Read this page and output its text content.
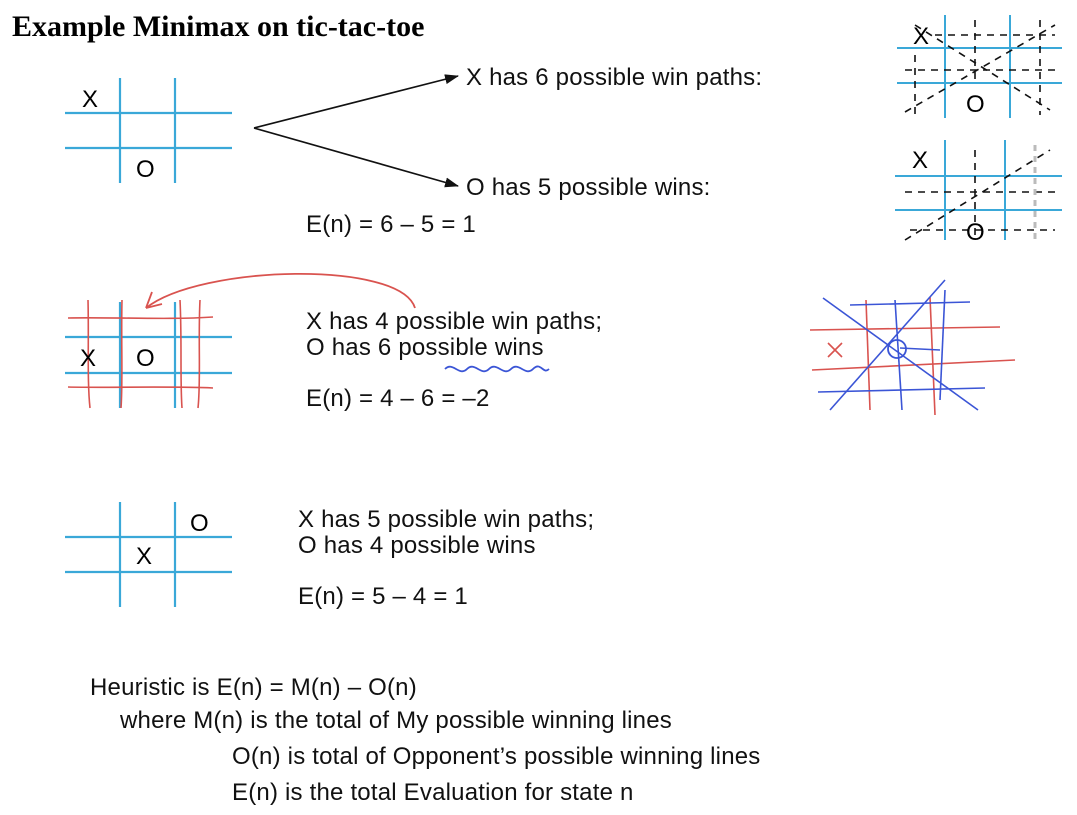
Example Minimax on tic-tac-toe
X
O
X
O
X
O
X O
O
X
X has 6 possible win paths:
O has 5 possible wins:
E(n) = 6 – 5 = 1
X has 4 possible win paths;
O has 6 possible wins
E(n) = 4 – 6 = –2
X has 5 possible win paths;
O has 4 possible wins
E(n) = 5 – 4 = 1
Heuristic is E(n) = M(n) – O(n)
where M(n) is the total of My possible winning lines
O(n) is total of Opponent’s possible winning lines
E(n) is the total Evaluation for state n
